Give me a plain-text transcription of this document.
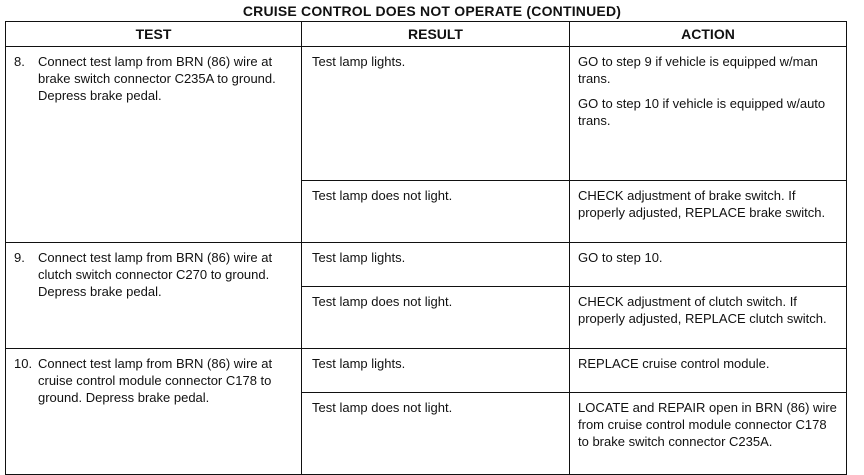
CRUISE CONTROL DOES NOT OPERATE (CONTINUED)
TEST	RESULT	ACTION

8. Connect test lamp from BRN (86) wire at brake switch connector C235A to ground. Depress brake pedal.	Test lamp lights.	GO to step 9 if vehicle is equipped w/man trans.
GO to step 10 if vehicle is equipped w/auto trans.

	Test lamp does not light.	CHECK adjustment of brake switch. If properly adjusted, REPLACE brake switch.

9. Connect test lamp from BRN (86) wire at clutch switch connector C270 to ground. Depress brake pedal.	Test lamp lights.	GO to step 10.

	Test lamp does not light.	CHECK adjustment of clutch switch. If properly adjusted, REPLACE clutch switch.

10. Connect test lamp from BRN (86) wire at cruise control module connector C178 to ground. Depress brake pedal.	Test lamp lights.	REPLACE cruise control module.

	Test lamp does not light.	LOCATE and REPAIR open in BRN (86) wire from cruise control module connector C178 to brake switch connector C235A.
